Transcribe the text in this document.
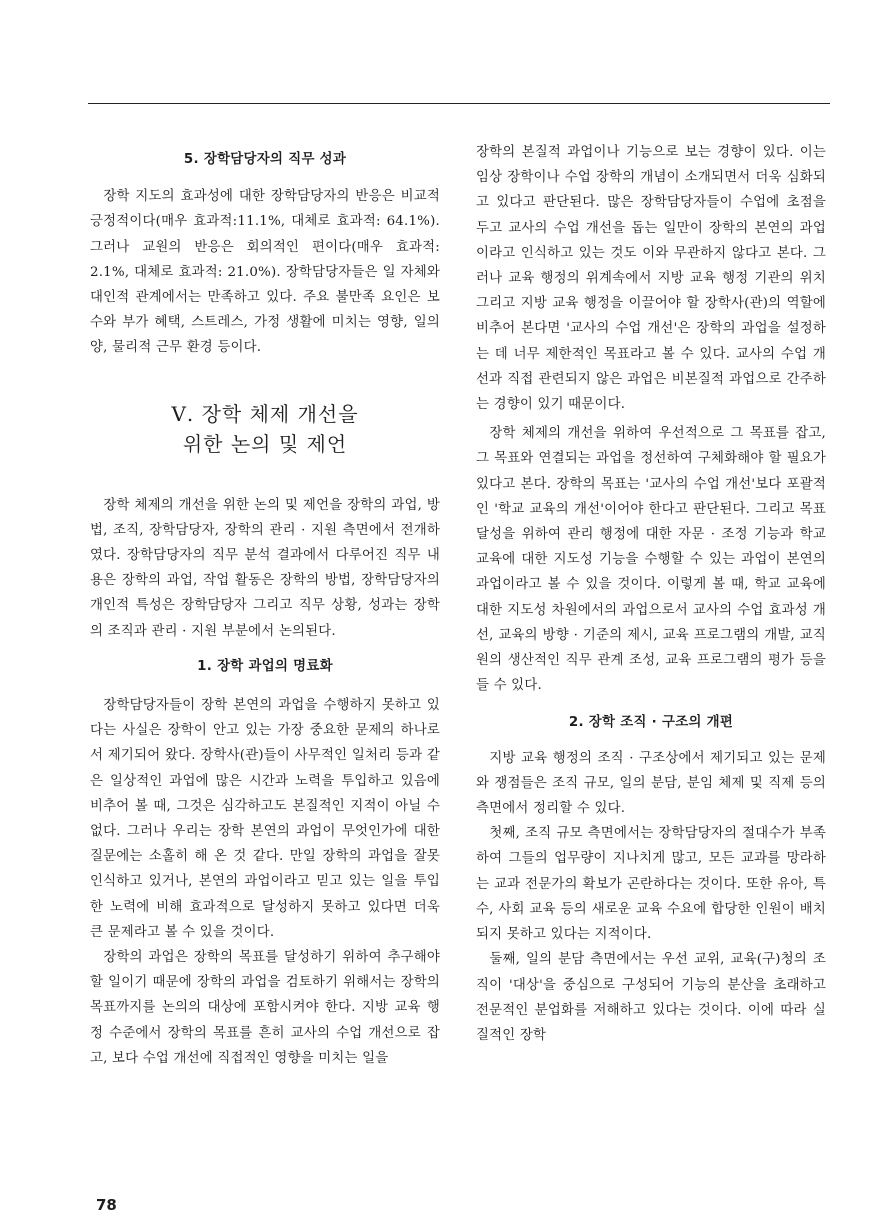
5. 장학담당자의 직무 성과

장학 지도의 효과성에 대한 장학담당자의 반응은 비교적 긍정적이다(매우 효과적:11.1%, 대체로 효과적: 64.1%). 그러나 교원의 반응은 회의적인 편이다(매우 효과적: 2.1%, 대체로 효과적: 21.0%). 장학담당자들은 일 자체와 대인적 관계에서는 만족하고 있다. 주요 불만족 요인은 보수와 부가 혜택, 스트레스, 가정 생활에 미치는 영향, 일의 양, 물리적 근무 환경 등이다.

Ⅴ. 장학 체제 개선을
위한 논의 및 제언

장학 체제의 개선을 위한 논의 및 제언을 장학의 과업, 방법, 조직, 장학담당자, 장학의 관리 · 지원 측면에서 전개하였다. 장학담당자의 직무 분석 결과에서 다루어진 직무 내용은 장학의 과업, 작업 활동은 장학의 방법, 장학담당자의 개인적 특성은 장학담당자 그리고 직무 상황, 성과는 장학의 조직과 관리 · 지원 부분에서 논의된다.

1. 장학 과업의 명료화

장학담당자들이 장학 본연의 과업을 수행하지 못하고 있다는 사실은 장학이 안고 있는 가장 중요한 문제의 하나로서 제기되어 왔다. 장학사(관)들이 사무적인 일처리 등과 같은 일상적인 과업에 많은 시간과 노력을 투입하고 있음에 비추어 볼 때, 그것은 심각하고도 본질적인 지적이 아닐 수 없다. 그러나 우리는 장학 본연의 과업이 무엇인가에 대한 질문에는 소홀히 해 온 것 같다. 만일 장학의 과업을 잘못 인식하고 있거나, 본연의 과업이라고 믿고 있는 일을 투입한 노력에 비해 효과적으로 달성하지 못하고 있다면 더욱 큰 문제라고 볼 수 있을 것이다.

장학의 과업은 장학의 목표를 달성하기 위하여 추구해야 할 일이기 때문에 장학의 과업을 검토하기 위해서는 장학의 목표까지를 논의의 대상에 포함시켜야 한다. 지방 교육 행정 수준에서 장학의 목표를 흔히 교사의 수업 개선으로 잡고, 보다 수업 개선에 직접적인 영향을 미치는 일을

장학의 본질적 과업이나 기능으로 보는 경향이 있다. 이는 임상 장학이나 수업 장학의 개념이 소개되면서 더욱 심화되고 있다고 판단된다. 많은 장학담당자들이 수업에 초점을 두고 교사의 수업 개선을 돕는 일만이 장학의 본연의 과업이라고 인식하고 있는 것도 이와 무관하지 않다고 본다. 그러나 교육 행정의 위계속에서 지방 교육 행정 기관의 위치 그리고 지방 교육 행정을 이끌어야 할 장학사(관)의 역할에 비추어 본다면 '교사의 수업 개선'은 장학의 과업을 설정하는 데 너무 제한적인 목표라고 볼 수 있다. 교사의 수업 개선과 직접 관련되지 않은 과업은 비본질적 과업으로 간주하는 경향이 있기 때문이다.

장학 체제의 개선을 위하여 우선적으로 그 목표를 잡고, 그 목표와 연결되는 과업을 정선하여 구체화해야 할 필요가 있다고 본다. 장학의 목표는 '교사의 수업 개선'보다 포괄적인 '학교 교육의 개선'이어야 한다고 판단된다. 그리고 목표 달성을 위하여 관리 행정에 대한 자문 · 조정 기능과 학교 교육에 대한 지도성 기능을 수행할 수 있는 과업이 본연의 과업이라고 볼 수 있을 것이다. 이렇게 볼 때, 학교 교육에 대한 지도성 차원에서의 과업으로서 교사의 수업 효과성 개선, 교육의 방향 · 기준의 제시, 교육 프로그램의 개발, 교직원의 생산적인 직무 관계 조성, 교육 프로그램의 평가 등을 들 수 있다.

2. 장학 조직 · 구조의 개편

지방 교육 행정의 조직 · 구조상에서 제기되고 있는 문제와 쟁점들은 조직 규모, 일의 분담, 분임 체제 및 직제 등의 측면에서 정리할 수 있다.

첫째, 조직 규모 측면에서는 장학담당자의 절대수가 부족하여 그들의 업무량이 지나치게 많고, 모든 교과를 망라하는 교과 전문가의 확보가 곤란하다는 것이다. 또한 유아, 특수, 사회 교육 등의 새로운 교육 수요에 합당한 인원이 배치되지 못하고 있다는 지적이다.

둘째, 일의 분담 측면에서는 우선 교위, 교육(구)청의 조직이 '대상'을 중심으로 구성되어 기능의 분산을 초래하고 전문적인 분업화를 저해하고 있다는 것이다. 이에 따라 실질적인 장학

78
